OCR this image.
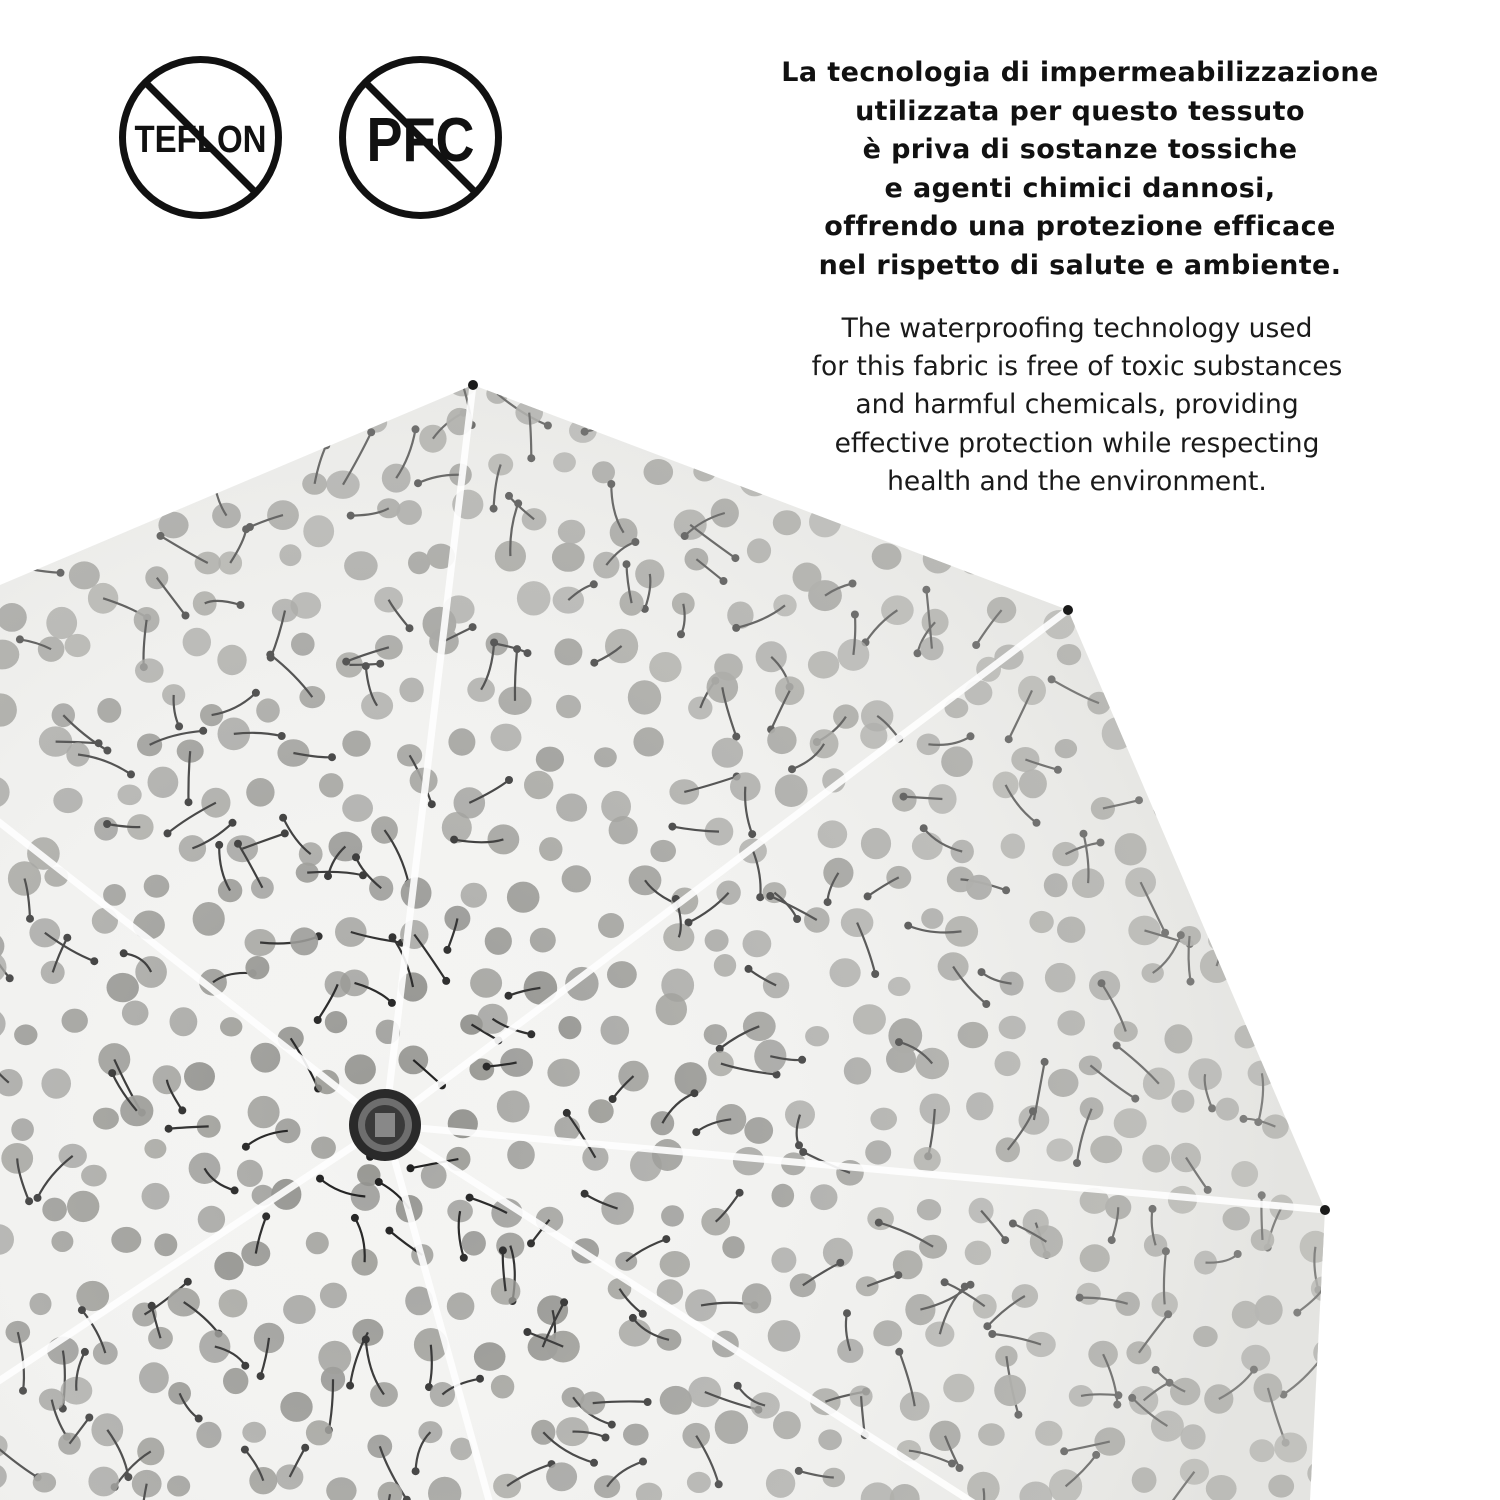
TEFLON PFC
La tecnologia di impermeabilizzazione
utilizzata per questo tessuto
è priva di sostanze tossiche
e agenti chimici dannosi,
offrendo una protezione efficace
nel rispetto di salute e ambiente.
The waterproofing technology used
for this fabric is free of toxic substances
and harmful chemicals, providing
effective protection while respecting
health and the environment.
